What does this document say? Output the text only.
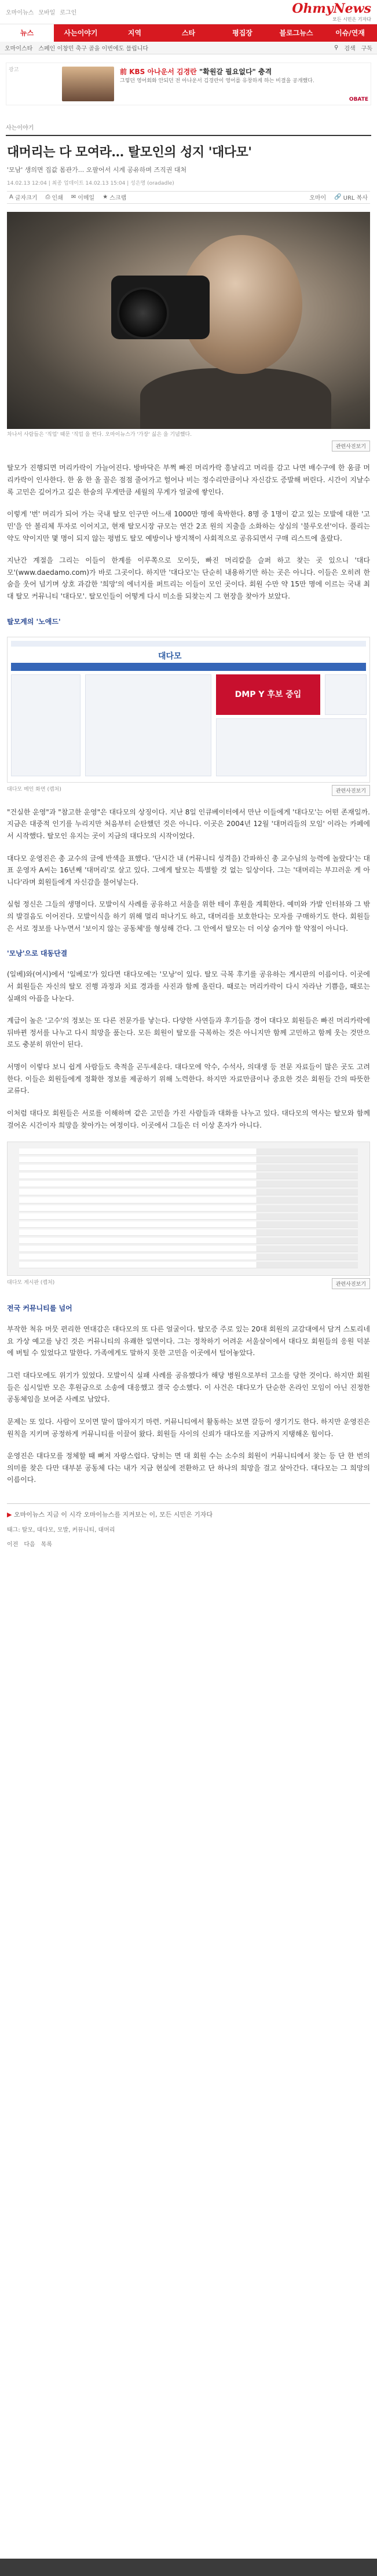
오마이뉴스 모바일 로그인	OhmyNews
모든 시민은 기자다
뉴스	사는이야기	지역	스타	평집장	블로그뉴스	이슈/연재
오마이스타 스페인 이창민 축구 골을 이번에도 믈립니다	⚲ 검색 구독
광고	前 KBS 아나운서 김경란 "확원갈 필요없다" 충격
그렇던 영어회화 안되던 전 아나운서 김경란이 영어를 유창하게 하는 비결을 공개했다.
OBATE
사는이야기
대머리는 다 모여라... 탈모인의 성지 '대다모'
'모남' 생의면 집값 몸관가... 오팔어서 시계 공유하며 즈직권 대처
14.02.13 12:04 | 최종 업데이트 14.02.13 15:04 | 성은명 (oradadle)
A 글자크기 ⎙ 인쇄 ✉ 이메일 ★ 스크랩	오마이 🔗 URL 복사
차나서 사람들은 '직업' 때문 '직업 을 쩐다. 오마이뉴스가 '가장' 싫은 을 기념했다.
관련사진보기

탈모가 진행되면 머리카락이 가늘어진다. 방바닥은 부쩍 빠진 머리카락 흥날리고 머리를 감고 나면 배수구에 한 움큼 머리카락이 인사한다. 한 움 한 올 꼴은 점점 줄어가고 헐어나 비는 정수리만큼이나 자신감도 증발해 버린다. 시간이 지날수록 고민은 깊어가고 깊은 한숨의 무게만큼 세월의 무게가 얼굴에 쌓인다.

이렇게 '번' 머리가 되어 가는 국내 탈모 인구만 어느새 1000만 명에 육박한다. 8명 중 1명이 같고 있는 모발에 대한 '고민'을 안 볼리체 투자로 이어지고, 현재 탈모시장 규모는 연간 2조 원의 지출을 소화하는 상심의 '불루오션'이다. 풀리는 약도 약이지만 몇 명이 되지 않는 평범도 탈모 예방이나 방지책이 사회적으로 공유되면서 구매 리스트에 올랐다.

지난간 계절을 그리는 이들이 한계를 이루쪽으로 모이듯, 빠진 머리칼을 슬퍼 하고 찾는 곳 있으니 '대다모'(www.daedamo.com)가 바로 그곳이다. 하지만 '대다모'는 단순히 내용하기만 하는 곳은 아니다. 이들은 오히려 한숨을 웃어 넘기며 상호 과감한 '희망'의 에너지를 퍼트리는 이들이 모인 곳이다. 회원 수만 약 15만 명에 이르는 국내 최대 탈모 커뮤니티 '대다모'. 탈모인들이 어떻게 다시 미소를 되찾는지 그 현장을 찾아가 보았다.

탈모계의 '노애드'
대다모
DMP Y 후보 중입
대다모 메인 화면 (캡처)	관련사진보기

"건실한 운영"과 "참고한 운영"은 대다모의 상징이다. 지난 8일 인큐베이터에서 만난 이들에게 '대다모'는 어떤 존재일까. 지금은 대중적 인기를 누리지만 처음부터 순탄했던 것은 아니다. 이곳은 2004년 12월 '대머리들의 모임' 이라는 카페에서 시작했다. 탈모인 유지는 곳이 지금의 대다모의 시작이었다.

대다모 운영진은 총 교수의 글에 반색을 표했다. '단시간 내 (커뮤니티 성격을) 간파하신 총 교수님의 능력에 놀랐다'는 대표 운영자 A씨는 16년째 '대머리'로 살고 있다. 그에게 탈모는 특별할 것 없는 일상이다. 그는 '대머리는 부끄러운 게 아니다'라며 회원들에게 자신감을 불어넣는다.

실험 정신은 그들의 생명이다. 모발이식 사례를 공유하고 서울을 위한 테이 후원을 계획한다. 예미와 가발 인터뷰와 그 밖의 발걸음도 이어진다. 모발이식을 하기 위해 멀리 떠나기도 하고, 대머리를 보호한다는 모자를 구매하기도 한다. 회원들은 서로 정보를 나누면서 '보이지 않는 공동체'를 형성해 간다. 그 안에서 탈모는 더 이상 숨겨야 할 약점이 아니다.

'모낭'으로 대동단결

(일베)와(여시)에서 '일베로'가 있다면 대다모에는 '모낭'이 있다. 탈모 극복 후기를 공유하는 게시판의 이름이다. 이곳에서 회원들은 자신의 탈모 진행 과정과 치료 경과를 사진과 함께 올린다. 때로는 머리카락이 다시 자라난 기쁨을, 때로는 실패의 아픔을 나눈다.

계급이 높은 '고수'의 정보는 또 다른 전문가를 낳는다. 다양한 사연들과 후기들을 경어 대다모 회원들은 빠진 머리카락에 뒤바뀐 정서를 나누고 다시 희망을 품는다. 모든 회원이 탈모를 극복하는 것은 아니지만 함께 고민하고 함께 웃는 것만으로도 충분히 위안이 된다.

서명이 이렇다 보니 쉽게 사람들도 축적을 곤두세운다. 대다모에 악수, 수석사, 의대생 등 전문 자료들이 많은 곳도 고려한다. 이들은 회원들에게 정확한 정보를 제공하기 위해 노력한다. 하지만 자료만큼이나 중요한 것은 회원들 간의 따뜻한 교류다.

이처럼 대다모 회원들은 서로를 이해하며 같은 고민을 가진 사람들과 대화를 나누고 있다. 대다모의 역사는 탈모와 함께 걸어온 시간이자 희망을 찾아가는 여정이다. 이곳에서 그들은 더 이상 혼자가 아니다.

대다모 게시판 (캡처)	관련사진보기
전국 커뮤니티를 넘어

부작한 척유 머뭇 편리한 연대감은 대다모의 또 다른 얼굴이다. 탈모증 주로 있는 20대 회원의 교감대에서 담겨 스토리네요 가상 예고를 낭긴 것은 커뮤니티의 유쾌한 일면이다. 그는 정착하기 어려운 서울살이에서 대다모 회원들의 응원 덕분에 버틸 수 있었다고 말한다. 가족에게도 말하지 못한 고민을 이곳에서 털어놓았다.

그런 대다모에도 위기가 있었다. 모발이식 실패 사례를 공유했다가 해당 병원으로부터 고소를 당한 것이다. 하지만 회원들은 십시일반 모은 후원금으로 소송에 대응했고 결국 승소했다. 이 사건은 대다모가 단순한 온라인 모임이 아닌 진정한 공동체임을 보여준 사례로 남았다.

문제는 또 있다. 사람이 모이면 말이 많아지기 마련. 커뮤니티에서 활동하는 보면 갈등이 생기기도 한다. 하지만 운영진은 원칙을 지키며 공정하게 커뮤니티를 이끌어 왔다. 회원들 사이의 신뢰가 대다모를 지금까지 지탱해온 힘이다.

운영진은 대다모를 정체할 때 뼈저 자랑스럽다. 당히는 면 대 회원 수는 소수의 회원이 커뮤니티에서 찾는 등 단 한 번의 의미를 찾은 다만 대부분 공동체 다는 내가 지금 현실에 전환하고 단 하나의 희망을 걸고 살아간다. 대다모는 그 희망의 이름이다.

▶ 오마이뉴스 지금 이 시각 오마이뉴스를 지켜보는 이, 모든 시민은 기자다
태그: 탈모, 대다모, 모발, 커뮤니티, 대머리
이전 다음 목록
